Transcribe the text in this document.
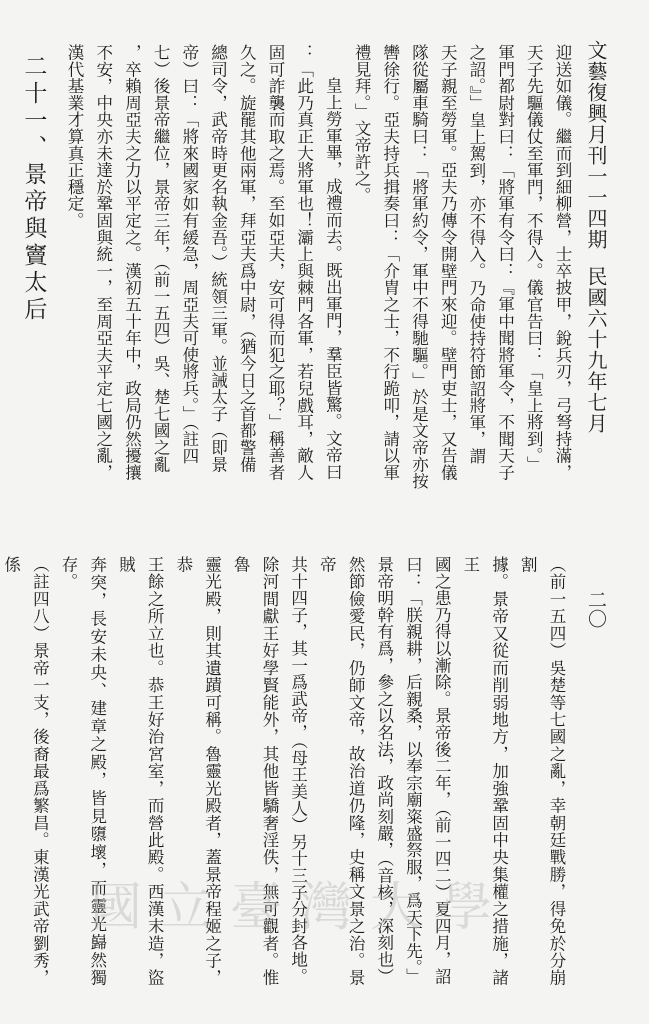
文藝復興月刊一一四期民國六十九年七月
二〇

迎送如儀。繼而到細柳營，士卒披甲，銳兵刃，弓弩持滿，

天子先驅儀仗至軍門，不得入。儀官告曰：「皇上將到。」

軍門都尉對曰：「將軍有令曰：『軍中聞將軍令，不聞天子

之詔。』」皇上駕到，亦不得入。乃命使持符節詔將軍，謂

天子親至勞軍。亞夫乃傳令開壁門來迎。壁門吏士，又告儀

隊從屬車騎曰：「將軍約令，軍中不得馳驅。」於是文帝亦按

轡徐行。亞夫持兵揖奏曰：「介胄之士，不行跪叩，請以軍

禮見拜。」文帝許之。

皇上勞軍畢，成禮而去。既出軍門，羣臣皆驚。文帝曰

：「此乃真正大將軍也！灞上與棘門各軍，若兒戲耳，敵人

固可詐襲而取之焉。至如亞夫，安可得而犯之耶？」稱善者

久之。旋罷其他兩軍，拜亞夫爲中尉，（猶今日之首都警備

總司令，武帝時更名執金吾。）統領三軍。並誡太子（即景

帝）曰：「將來國家如有緩急，周亞夫可使將兵。」（註四

七）後景帝繼位，景帝三年，（前一五四）吳、楚七國之亂

，卒賴周亞夫之力以平定之。漢初五十年中，政局仍然擾攘

不安，中央亦未達於鞏固與統一，至周亞夫平定七國之亂，

漢代基業才算真正穩定。

二十一、景帝與竇太后

（前一五四）吳楚等七國之亂，幸朝廷戰勝，得免於分崩割

據。景帝又從而削弱地方，加強鞏固中央集權之措施，諸王

國之患乃得以漸除。景帝後二年，（前一四二）夏四月，詔

曰：「朕親耕，后親桑，以奉宗廟粢盛祭服，爲天下先。」

景帝明幹有爲，參之以名法，政尚刻嚴，（音核，深刻也）

然節儉愛民，仍師文帝，故治道仍隆，史稱文景之治。景帝

共十四子，其一爲武帝，（母王美人）另十三子分封各地。

除河間獻王好學賢能外，其他皆驕奢淫佚，無可觀者。惟魯

靈光殿，則其遺蹟可稱。魯靈光殿者，蓋景帝程姬之子，恭

王餘之所立也。恭王好治宮室，而營此殿。西漢末造，盜賊

奔突，長安未央、建章之殿，皆見隳壞，而靈光巋然獨存。

（註四八）景帝一支，後裔最爲繁昌。東漢光武帝劉秀，係

國立臺灣大學
